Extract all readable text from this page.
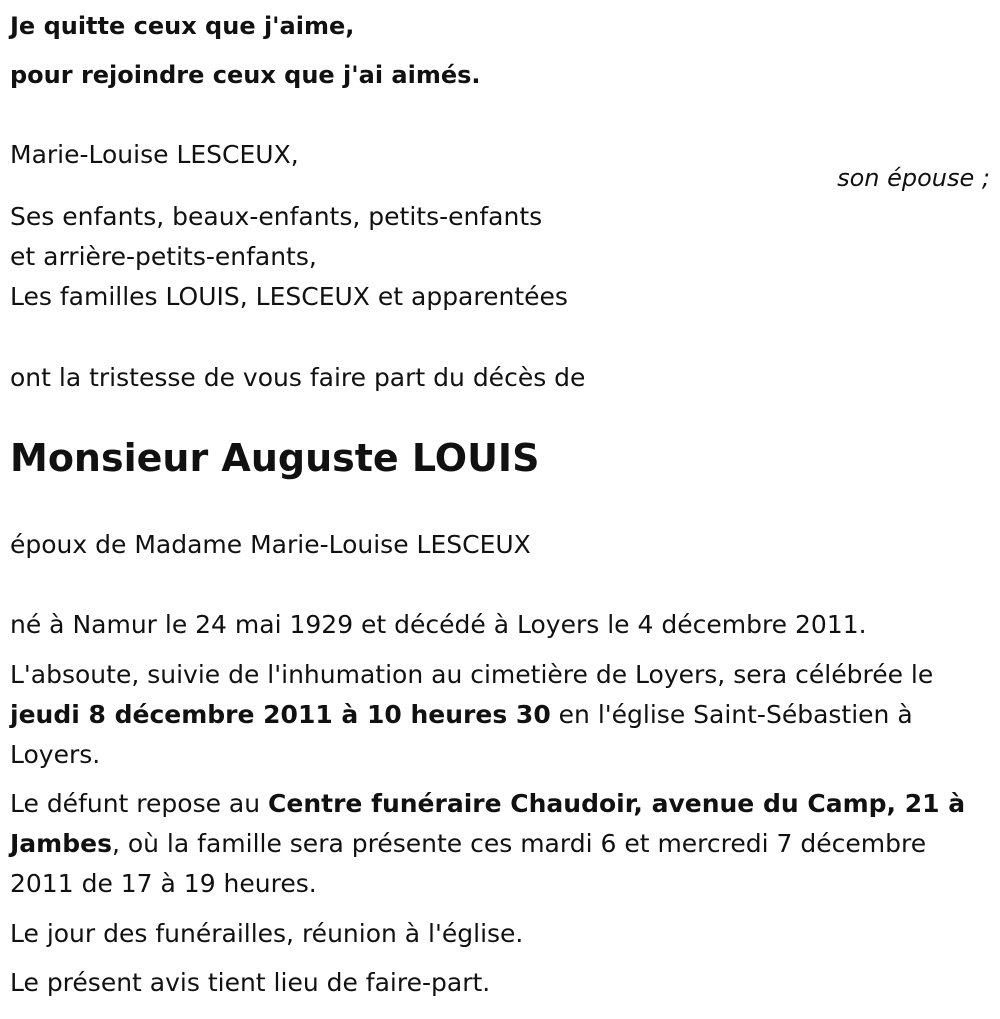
Je quitte ceux que j'aime,

pour rejoindre ceux que j'ai aimés.

Marie-Louise LESCEUX,

son épouse ;

Ses enfants, beaux-enfants, petits-enfants

et arrière-petits-enfants,

Les familles LOUIS, LESCEUX et apparentées

ont la tristesse de vous faire part du décès de

Monsieur Auguste LOUIS

époux de Madame Marie-Louise LESCEUX

né à Namur le 24 mai 1929 et décédé à Loyers le 4 décembre 2011.

L'absoute, suivie de l'inhumation au cimetière de Loyers, sera célébrée le jeudi 8 décembre 2011 à 10 heures 30 en l'église Saint-Sébastien à Loyers.

Le défunt repose au Centre funéraire Chaudoir, avenue du Camp, 21 à Jambes, où la famille sera présente ces mardi 6 et mercredi 7 décembre 2011 de 17 à 19 heures.

Le jour des funérailles, réunion à l'église.

Le présent avis tient lieu de faire-part.
